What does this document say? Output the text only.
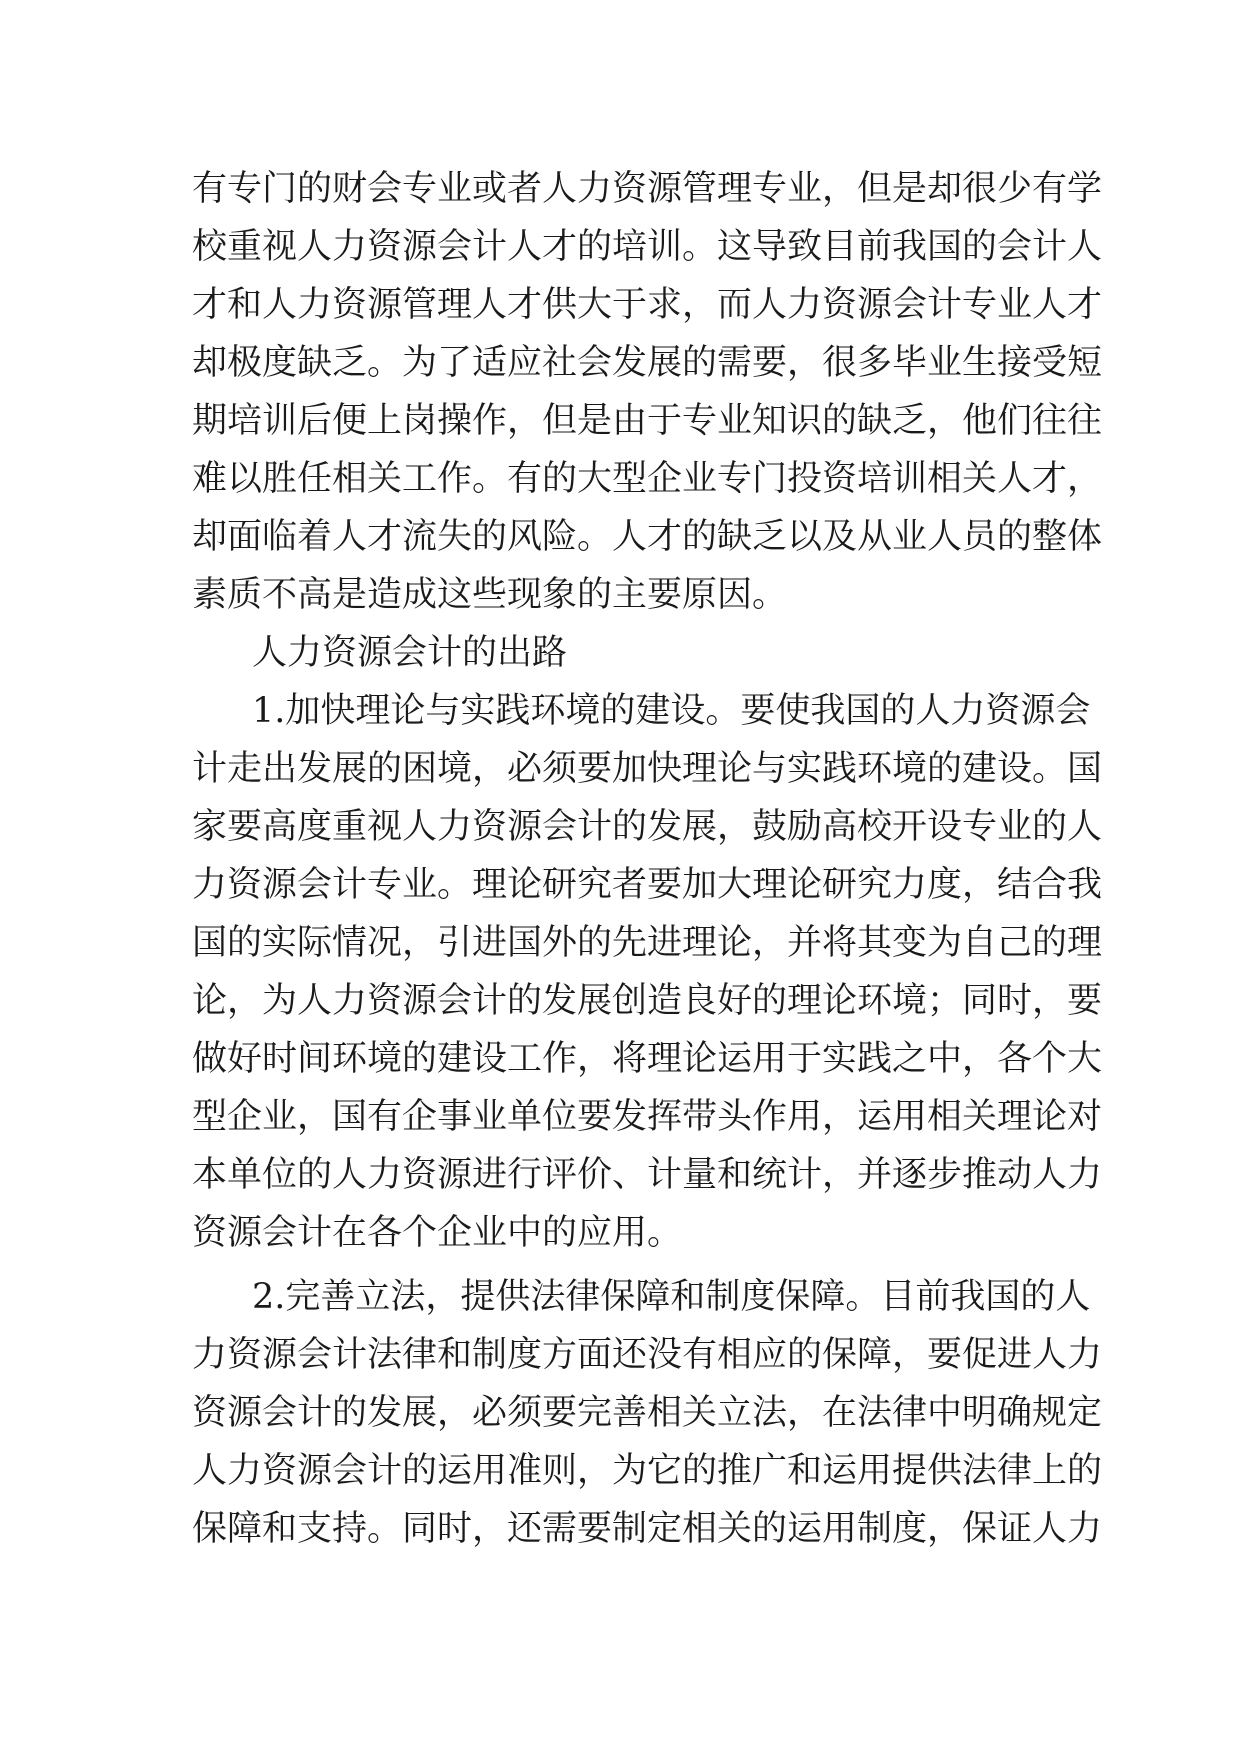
有专门的财会专业或者人力资源管理专业，但是却很少有学
校重视人力资源会计人才的培训。这导致目前我国的会计人
才和人力资源管理人才供大于求，而人力资源会计专业人才
却极度缺乏。为了适应社会发展的需要，很多毕业生接受短
期培训后便上岗操作，但是由于专业知识的缺乏，他们往往
难以胜任相关工作。有的大型企业专门投资培训相关人才，
却面临着人才流失的风险。人才的缺乏以及从业人员的整体
素质不高是造成这些现象的主要原因。
人力资源会计的出路
1.加快理论与实践环境的建设。要使我国的人力资源会
计走出发展的困境，必须要加快理论与实践环境的建设。国
家要高度重视人力资源会计的发展，鼓励高校开设专业的人
力资源会计专业。理论研究者要加大理论研究力度，结合我
国的实际情况，引进国外的先进理论，并将其变为自己的理
论，为人力资源会计的发展创造良好的理论环境；同时，要
做好时间环境的建设工作，将理论运用于实践之中，各个大
型企业，国有企事业单位要发挥带头作用，运用相关理论对
本单位的人力资源进行评价、计量和统计，并逐步推动人力
资源会计在各个企业中的应用。
2.完善立法，提供法律保障和制度保障。目前我国的人
力资源会计法律和制度方面还没有相应的保障，要促进人力
资源会计的发展，必须要完善相关立法，在法律中明确规定
人力资源会计的运用准则，为它的推广和运用提供法律上的
保障和支持。同时，还需要制定相关的运用制度，保证人力
